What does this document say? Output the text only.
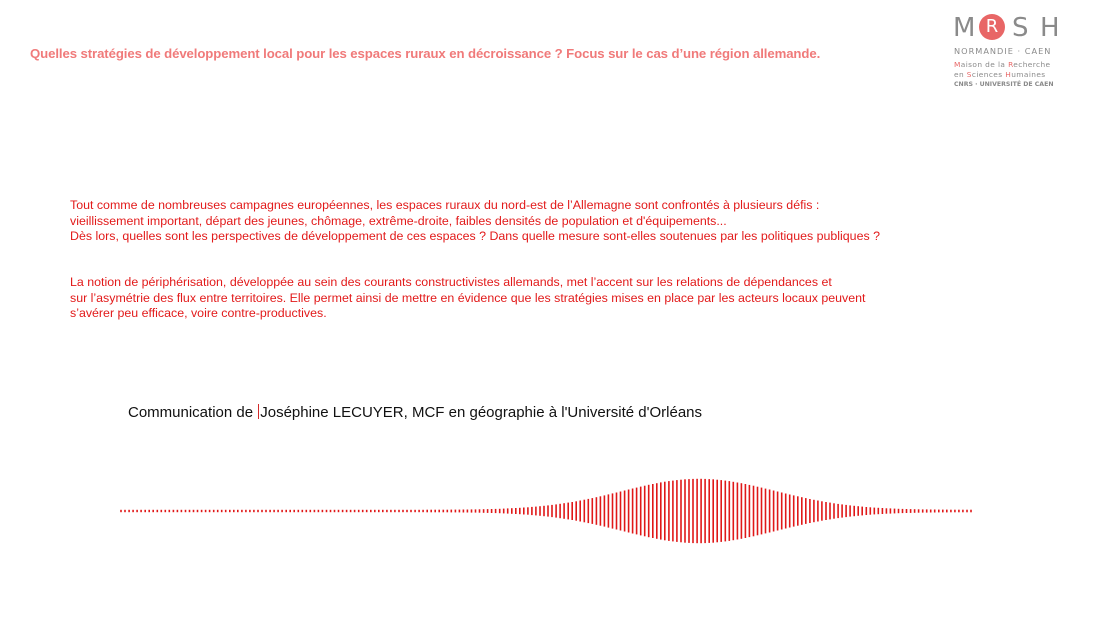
Quelles stratégies de développement local pour les espaces ruraux en décroissance ? Focus sur le cas d’une région allemande.
M R S H
NORMANDIE · CAEN
Maison de la Recherche
en Sciences Humaines
CNRS · UNIVERSITÉ DE CAEN
Tout comme de nombreuses campagnes européennes, les espaces ruraux du nord-est de l’Allemagne sont confrontés à plusieurs défis :
vieillissement important, départ des jeunes, chômage, extrême-droite, faibles densités de population et d'équipements...
Dès lors, quelles sont les perspectives de développement de ces espaces ? Dans quelle mesure sont-elles soutenues par les politiques publiques ?
La notion de périphérisation, développée au sein des courants constructivistes allemands, met l’accent sur les relations de dépendances et
sur l’asymétrie des flux entre territoires. Elle permet ainsi de mettre en évidence que les stratégies mises en place par les acteurs locaux peuvent
s’avérer peu efficace, voire contre-productives.
Communication de Joséphine LECUYER, MCF en géographie à l'Université d'Orléans
